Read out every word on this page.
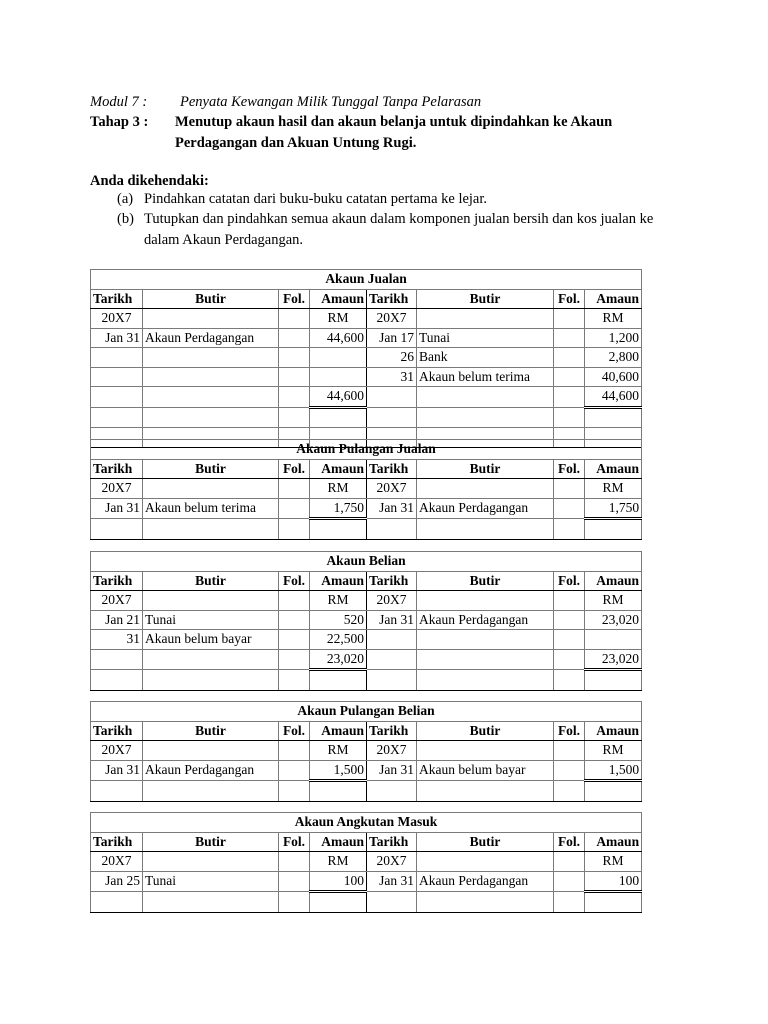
Modul 7 : Penyata Kewangan Milik Tunggal Tanpa Pelarasan
Tahap 3 :	Menutup akaun hasil dan akaun belanja untuk dipindahkan ke Akaun Perdagangan dan Akuan Untung Rugi.
Anda dikehendaki:
(a) Pindahkan catatan dari buku-buku catatan pertama ke lejar.
(b) Tutupkan dan pindahkan semua akaun dalam komponen jualan bersih dan kos jualan ke dalam Akaun Perdagangan.
Akaun Jualan							
Tarikh	Butir	Fol.	Amaun	Tarikh	Butir	Fol.	Amaun
20X7			RM	20X7			RM
Jan 31	Akaun Perdagangan		44,600	Jan 17	Tunai		1,200
				26	Bank		2,800
				31	Akaun belum terima		40,600
			44,600				44,600

Akaun Pulangan Jualan							
Tarikh	Butir	Fol.	Amaun	Tarikh	Butir	Fol.	Amaun
20X7			RM	20X7			RM
Jan 31	Akaun belum terima		1,750	Jan 31	Akaun Perdagangan		1,750

Akaun Belian							
Tarikh	Butir	Fol.	Amaun	Tarikh	Butir	Fol.	Amaun
20X7			RM	20X7			RM
Jan 21	Tunai		520	Jan 31	Akaun Perdagangan		23,020
31	Akaun belum bayar		22,500				
			23,020				23,020

Akaun Pulangan Belian							
Tarikh	Butir	Fol.	Amaun	Tarikh	Butir	Fol.	Amaun
20X7			RM	20X7			RM
Jan 31	Akaun Perdagangan		1,500	Jan 31	Akaun belum bayar		1,500

Akaun Angkutan Masuk							
Tarikh	Butir	Fol.	Amaun	Tarikh	Butir	Fol.	Amaun
20X7			RM	20X7			RM
Jan 25	Tunai		100	Jan 31	Akaun Perdagangan		100
